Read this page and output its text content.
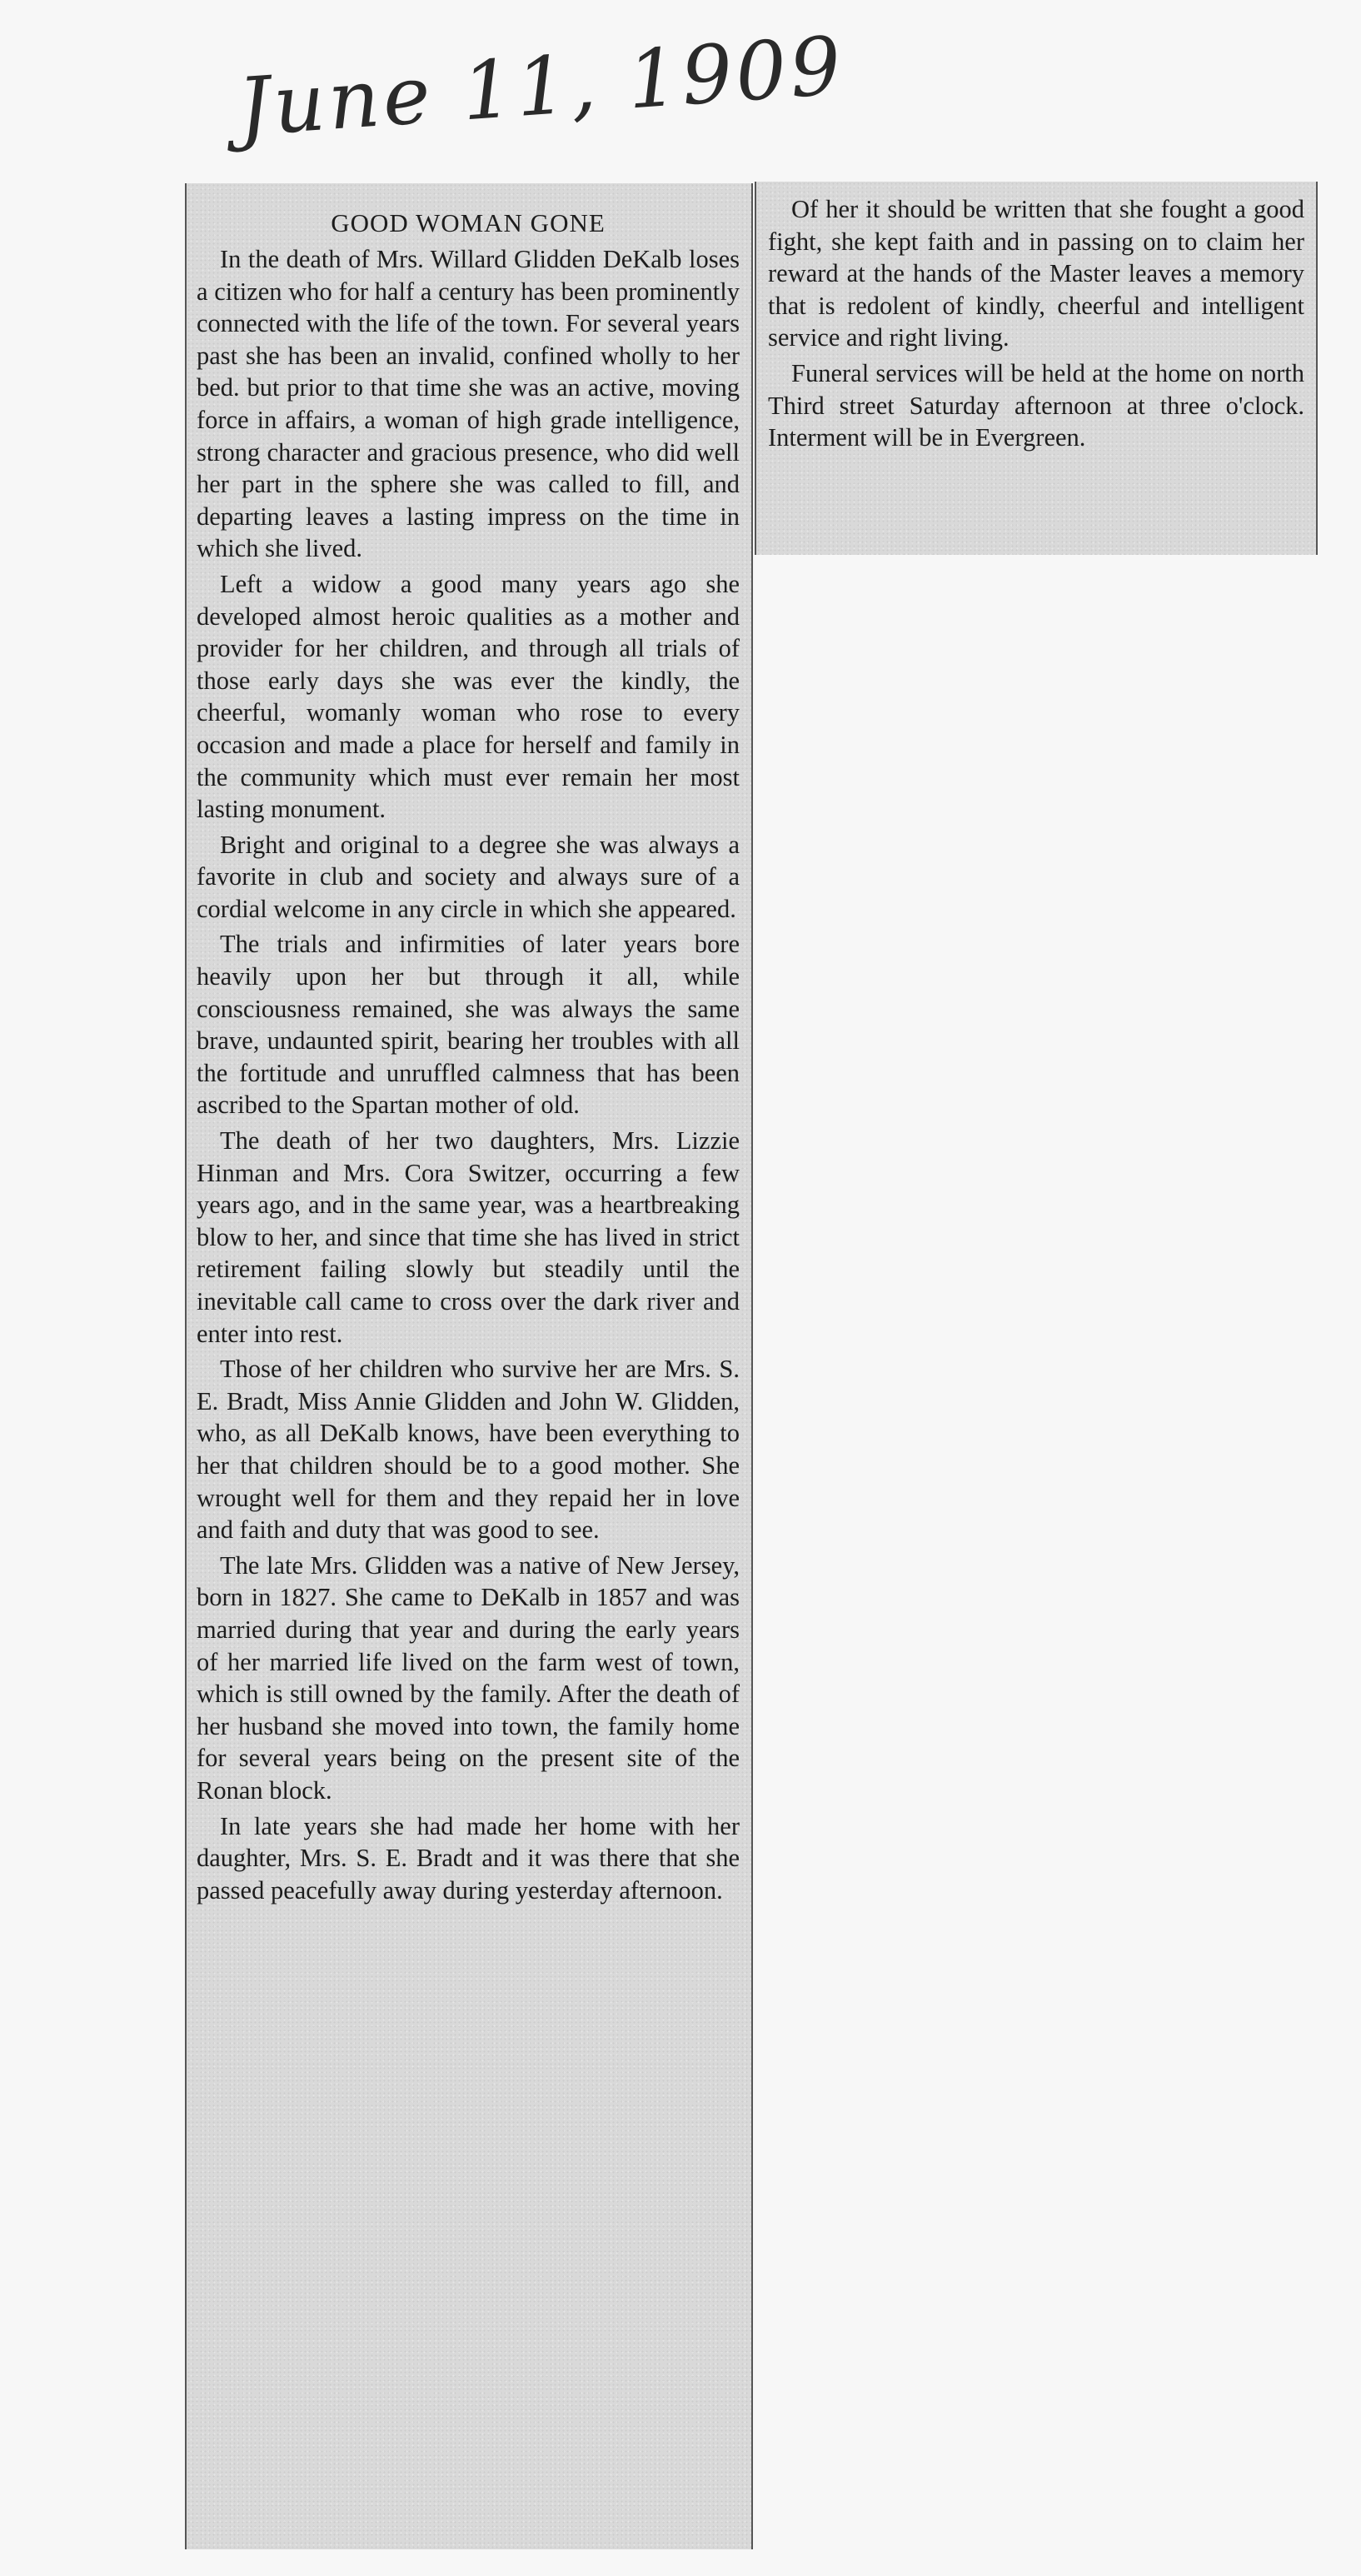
June 11, 1909
GOOD WOMAN GONE

In the death of Mrs. Willard Glidden DeKalb loses a citizen who for half a century has been prominently connected with the life of the town. For several years past she has been an invalid, confined wholly to her bed. but prior to that time she was an active, moving force in affairs, a woman of high grade intelligence, strong character and gracious presence, who did well her part in the sphere she was called to fill, and departing leaves a lasting impress on the time in which she lived.

Left a widow a good many years ago she developed almost heroic qualities as a mother and provider for her children, and through all trials of those early days she was ever the kindly, the cheerful, womanly woman who rose to every occasion and made a place for herself and family in the community which must ever remain her most lasting monument.

Bright and original to a degree she was always a favorite in club and society and always sure of a cordial welcome in any circle in which she appeared.

The trials and infirmities of later years bore heavily upon her but through it all, while consciousness remained, she was always the same brave, undaunted spirit, bearing her troubles with all the fortitude and unruffled calmness that has been ascribed to the Spartan mother of old.

The death of her two daughters, Mrs. Lizzie Hinman and Mrs. Cora Switzer, occurring a few years ago, and in the same year, was a heartbreaking blow to her, and since that time she has lived in strict retirement failing slowly but steadily until the inevitable call came to cross over the dark river and enter into rest.

Those of her children who survive her are Mrs. S. E. Bradt, Miss Annie Glidden and John W. Glidden, who, as all DeKalb knows, have been everything to her that children should be to a good mother. She wrought well for them and they repaid her in love and faith and duty that was good to see.

The late Mrs. Glidden was a native of New Jersey, born in 1827. She came to DeKalb in 1857 and was married during that year and during the early years of her married life lived on the farm west of town, which is still owned by the family. After the death of her husband she moved into town, the family home for several years being on the present site of the Ronan block.

In late years she had made her home with her daughter, Mrs. S. E. Bradt and it was there that she passed peacefully away during yesterday afternoon.

Of her it should be written that she fought a good fight, she kept faith and in passing on to claim her reward at the hands of the Master leaves a memory that is redolent of kindly, cheerful and intelligent service and right living.

Funeral services will be held at the home on north Third street Saturday afternoon at three o'clock. Interment will be in Evergreen.
